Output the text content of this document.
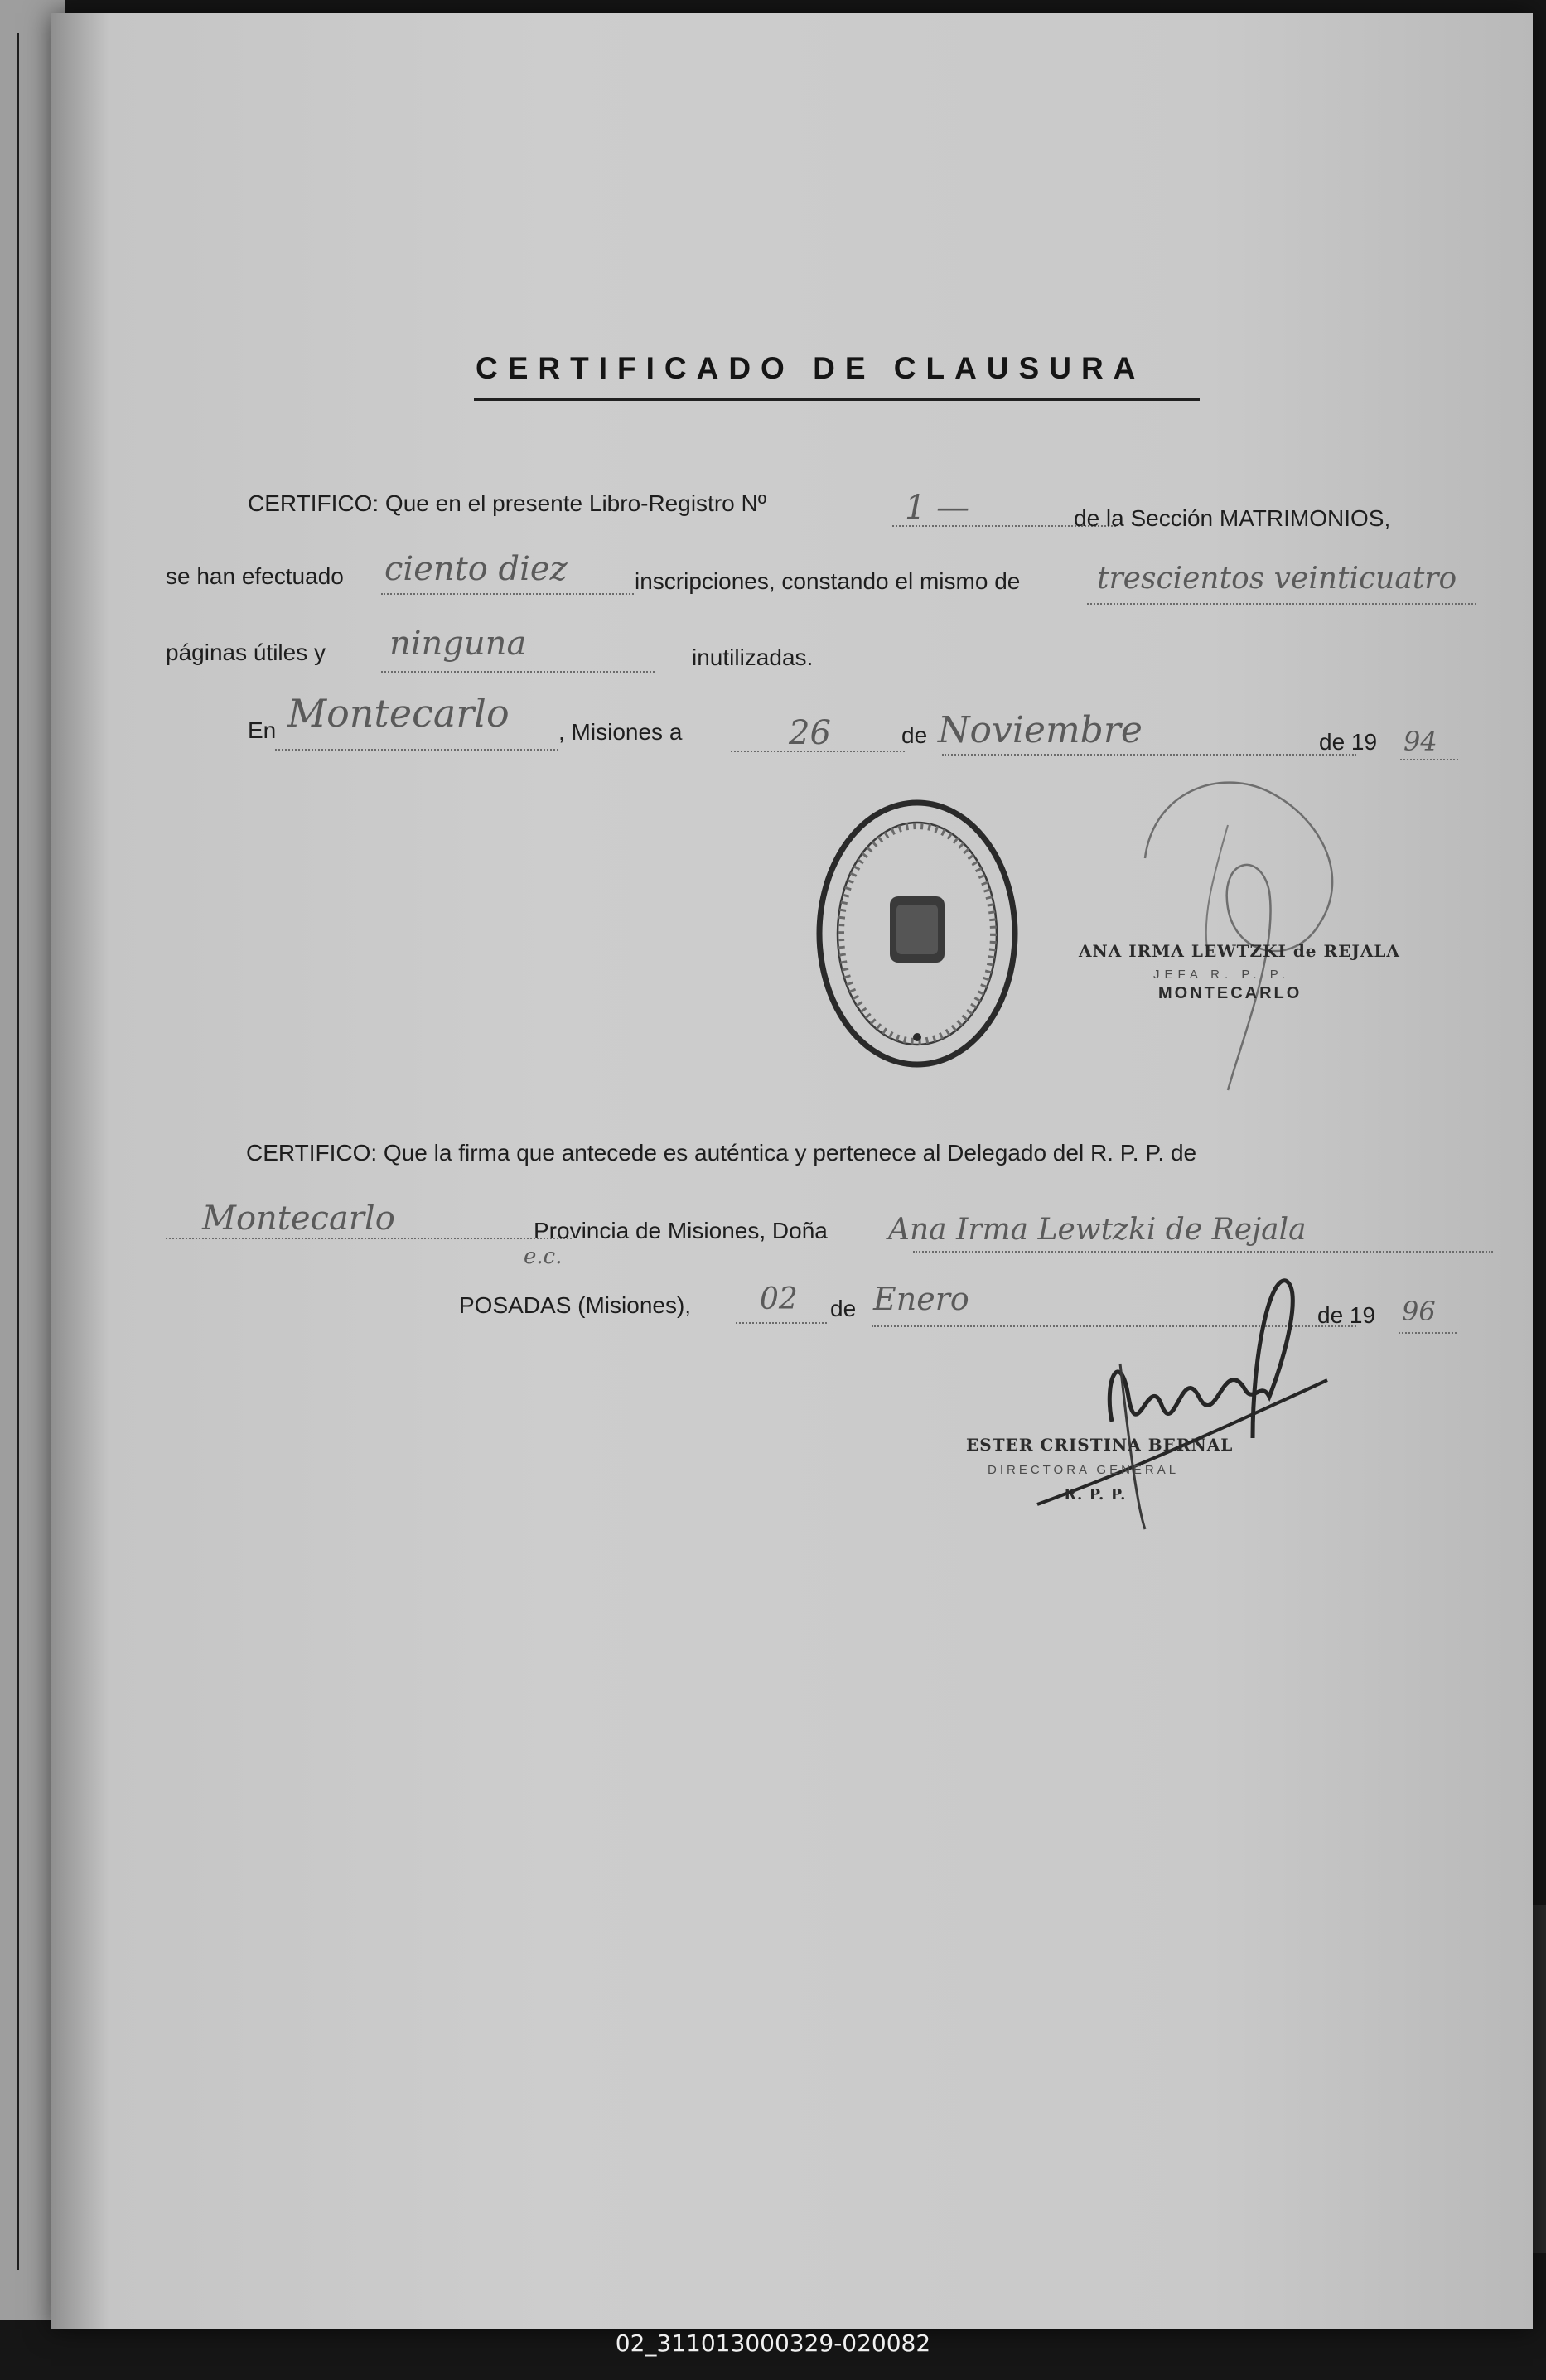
CERTIFICADO DE CLAUSURA
CERTIFICO: Que en el presente Libro-Registro Nº	1 —	de la Sección MATRIMONIOS,
se han efectuado ciento diez	inscripciones, constando el mismo de	trescientos veinticuatro
páginas útiles y ninguna	inutilizadas.
En Montecarlo , Misiones a	26	de Noviembre	de 19 94
ANA IRMA LEWTZKI de REJALA
JEFA R. P. P.
MONTECARLO
CERTIFICO: Que la firma que antecede es auténtica y pertenece al Delegado del R. P. P. de
Montecarlo	Provincia de Misiones, Doña Ana Irma Lewtzki de Rejala
e.c.
POSADAS (Misiones), 02 de Enero	de 19 96
ESTER CRISTINA BERNAL
DIRECTORA GENERAL
R. P. P.
02_311013000329-020082
